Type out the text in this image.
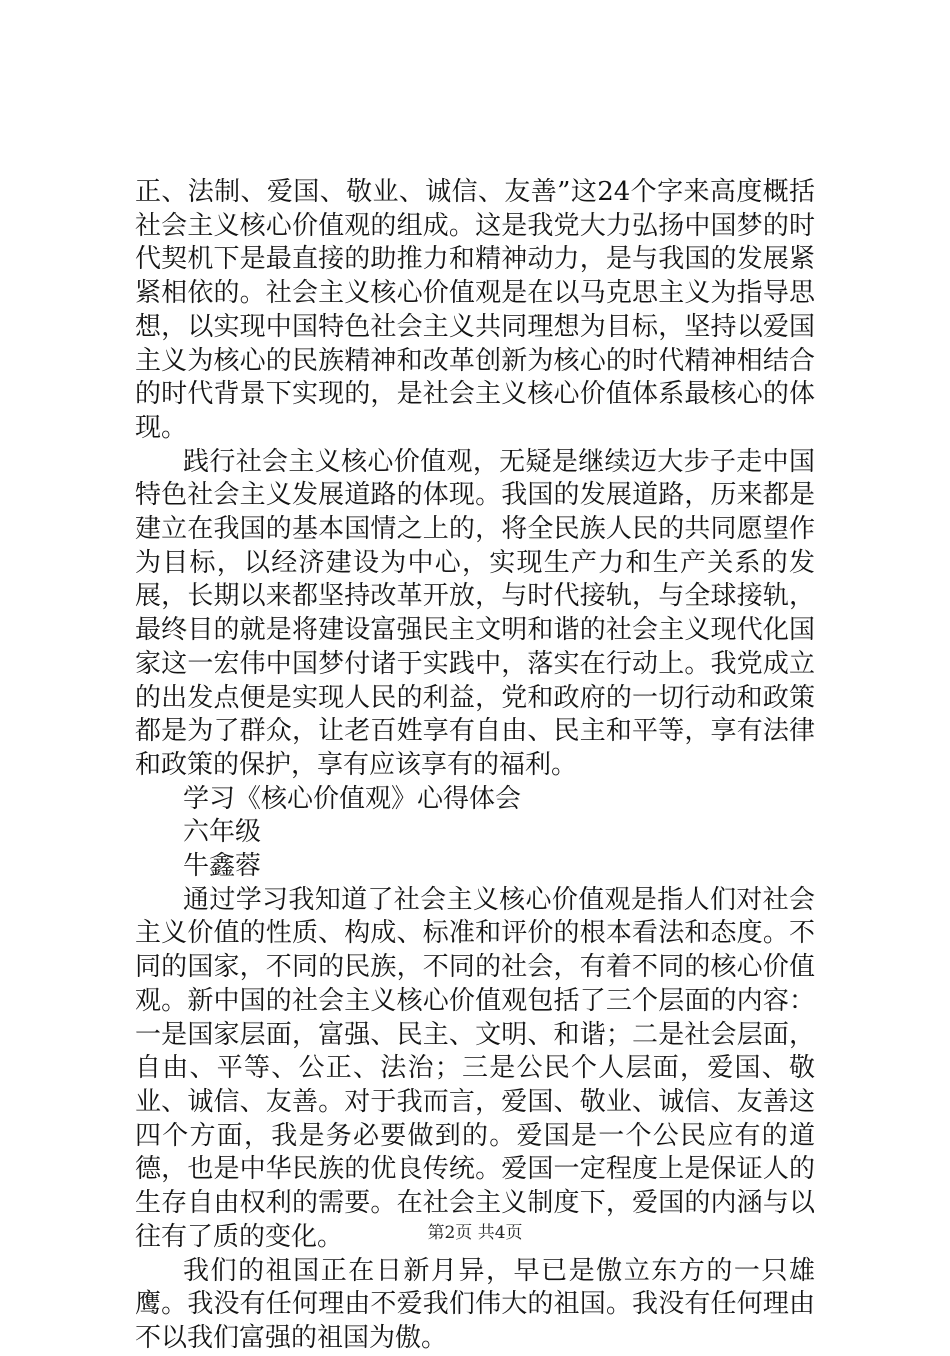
正、法制、爱国、敬业、诚信、友善”这24个字来高度概括社会主义核心价值观的组成。这是我党大力弘扬中国梦的时代契机下是最直接的助推力和精神动力，是与我国的发展紧紧相依的。社会主义核心价值观是在以马克思主义为指导思想，以实现中国特色社会主义共同理想为目标，坚持以爱国主义为核心的民族精神和改革创新为核心的时代精神相结合的时代背景下实现的，是社会主义核心价值体系最核心的体现。

践行社会主义核心价值观，无疑是继续迈大步子走中国特色社会主义发展道路的体现。我国的发展道路，历来都是建立在我国的基本国情之上的，将全民族人民的共同愿望作为目标，以经济建设为中心，实现生产力和生产关系的发展，长期以来都坚持改革开放，与时代接轨，与全球接轨，最终目的就是将建设富强民主文明和谐的社会主义现代化国家这一宏伟中国梦付诸于实践中，落实在行动上。我党成立的出发点便是实现人民的利益，党和政府的一切行动和政策都是为了群众，让老百姓享有自由、民主和平等，享有法律和政策的保护，享有应该享有的福利。

学习《核心价值观》心得体会

六年级

牛鑫蓉

通过学习我知道了社会主义核心价值观是指人们对社会主义价值的性质、构成、标准和评价的根本看法和态度。不同的国家，不同的民族，不同的社会，有着不同的核心价值观。新中国的社会主义核心价值观包括了三个层面的内容：一是国家层面，富强、民主、文明、和谐；二是社会层面，自由、平等、公正、法治；三是公民个人层面，爱国、敬业、诚信、友善。对于我而言，爱国、敬业、诚信、友善这四个方面，我是务必要做到的。爱国是一个公民应有的道德，也是中华民族的优良传统。爱国一定程度上是保证人的生存自由权利的需要。在社会主义制度下，爱国的内涵与以往有了质的变化。

我们的祖国正在日新月异，早已是傲立东方的一只雄鹰。我没有任何理由不爱我们伟大的祖国。我没有任何理由不以我们富强的祖国为傲。

第2页 共4页
